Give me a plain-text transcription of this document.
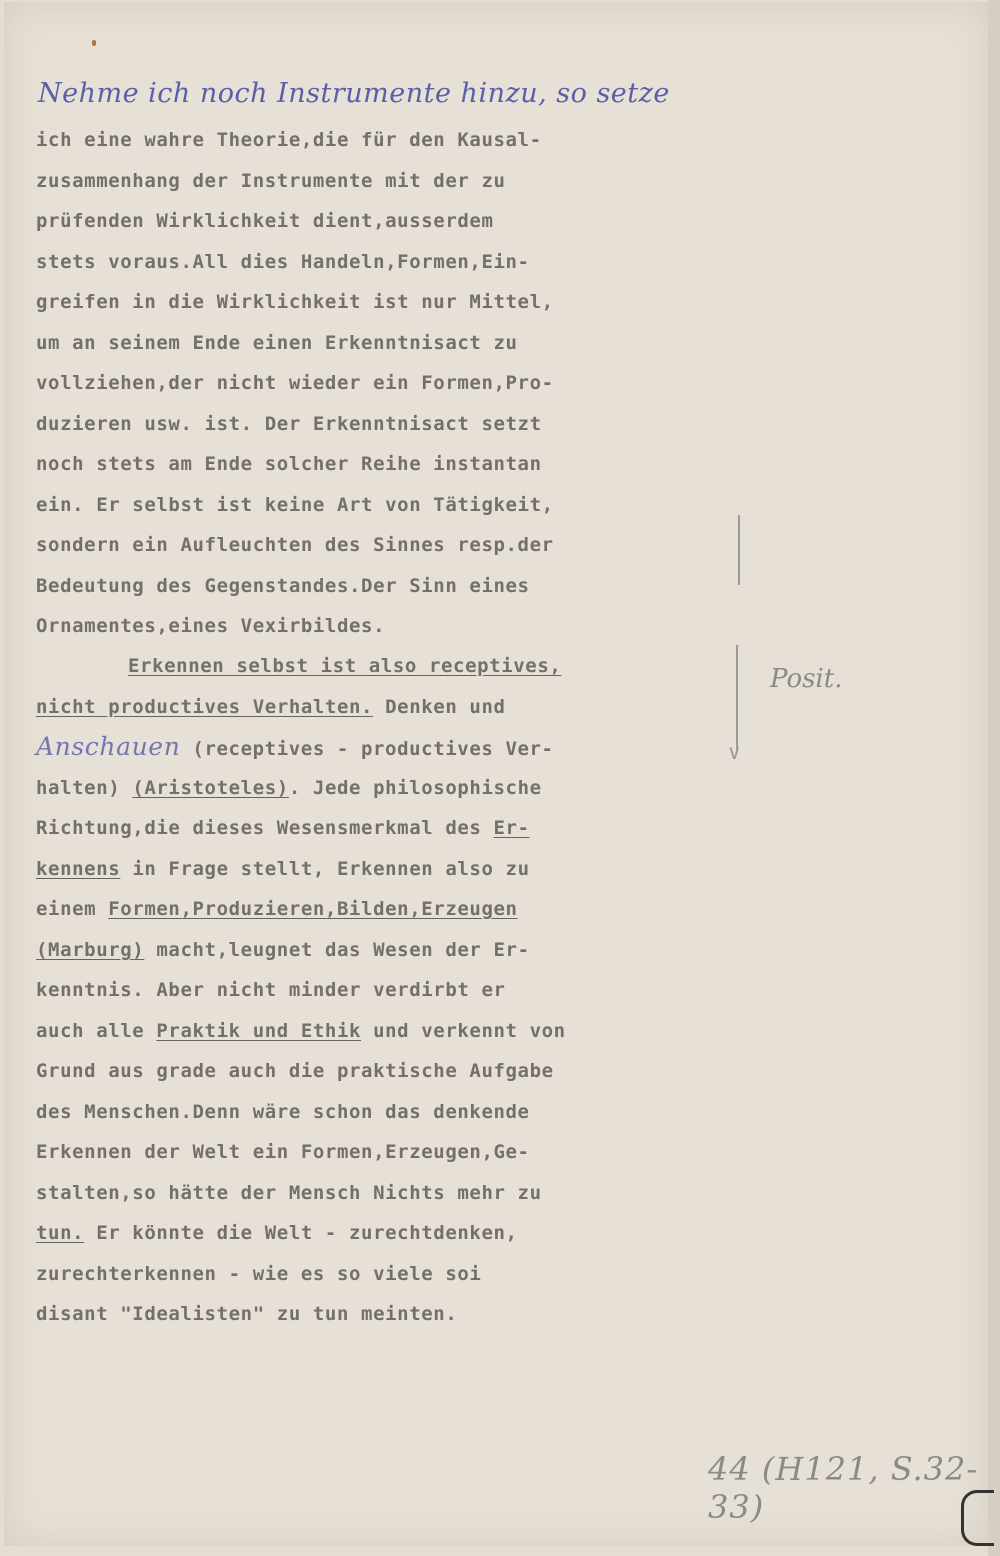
Nehme ich noch Instrumente hinzu, so setze
ich eine wahre Theorie,die für den Kausal-
zusammenhang der Instrumente mit der zu
prüfenden Wirklichkeit dient,ausserdem
stets voraus.All dies Handeln,Formen,Ein-
greifen in die Wirklichkeit ist nur Mittel,
um an seinem Ende einen Erkenntnisact zu
vollziehen,der nicht wieder ein Formen,Pro-
duzieren usw. ist. Der Erkenntnisact setzt
noch stets am Ende solcher Reihe instantan
ein. Er selbst ist keine Art von Tätigkeit,
sondern ein Aufleuchten des Sinnes resp.der
Bedeutung des Gegenstandes.Der Sinn eines
Ornamentes,eines Vexirbildes.
Erkennen selbst ist also receptives,
nicht productives Verhalten. Denken und
Anschauen (receptives - productives Ver-
halten) (Aristoteles). Jede philosophische
Richtung,die dieses Wesensmerkmal des Er-
kennens in Frage stellt, Erkennen also zu
einem Formen,Produzieren,Bilden,Erzeugen
(Marburg) macht,leugnet das Wesen der Er-
kenntnis. Aber nicht minder verdirbt er
auch alle Praktik und Ethik und verkennt von
Grund aus grade auch die praktische Aufgabe
des Menschen.Denn wäre schon das denkende
Erkennen der Welt ein Formen,Erzeugen,Ge-
stalten,so hätte der Mensch Nichts mehr zu
tun. Er könnte die Welt - zurechtdenken,
zurechterkennen - wie es so viele soi
disant "Idealisten" zu tun meinten.
∨
Posit.
44 (H121, S.32-33)
